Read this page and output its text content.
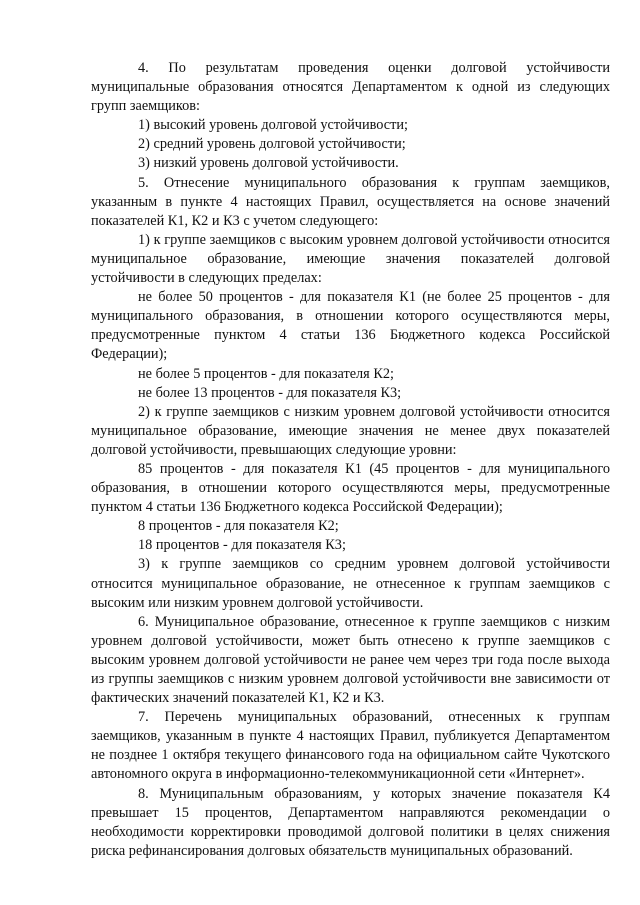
4. По результатам проведения оценки долговой устойчивости муниципальные образования относятся Департаментом к одной из следующих групп заемщиков:

1) высокий уровень долговой устойчивости;

2) средний уровень долговой устойчивости;

3) низкий уровень долговой устойчивости.

5. Отнесение муниципального образования к группам заемщиков, указанным в пункте 4 настоящих Правил, осуществляется на основе значений показателей К1, К2 и К3 с учетом следующего:

1) к группе заемщиков с высоким уровнем долговой устойчивости относится муниципальное образование, имеющие значения показателей долговой устойчивости в следующих пределах:

не более 50 процентов - для показателя К1 (не более 25 процентов - для муниципального образования, в отношении которого осуществляются меры, предусмотренные пунктом 4 статьи 136 Бюджетного кодекса Российской Федерации);

не более 5 процентов - для показателя К2;

не более 13 процентов - для показателя К3;

2) к группе заемщиков с низким уровнем долговой устойчивости относится муниципальное образование, имеющие значения не менее двух показателей долговой устойчивости, превышающих следующие уровни:

85 процентов - для показателя К1 (45 процентов - для муниципального образования, в отношении которого осуществляются меры, предусмотренные пунктом 4 статьи 136 Бюджетного кодекса Российской Федерации);

8 процентов - для показателя К2;

18 процентов - для показателя К3;

3) к группе заемщиков со средним уровнем долговой устойчивости относится муниципальное образование, не отнесенное к группам заемщиков с высоким или низким уровнем долговой устойчивости.

6. Муниципальное образование, отнесенное к группе заемщиков с низким уровнем долговой устойчивости, может быть отнесено к группе заемщиков с высоким уровнем долговой устойчивости не ранее чем через три года после выхода из группы заемщиков с низким уровнем долговой устойчивости вне зависимости от фактических значений показателей К1, К2 и К3.

7. Перечень муниципальных образований, отнесенных к группам заемщиков, указанным в пункте 4 настоящих Правил, публикуется Департаментом не позднее 1 октября текущего финансового года на официальном сайте Чукотского автономного округа в информационно-телекоммуникационной сети «Интернет».

8. Муниципальным образованиям, у которых значение показателя К4 превышает 15 процентов, Департаментом направляются рекомендации о необходимости корректировки проводимой долговой политики в целях снижения риска рефинансирования долговых обязательств муниципальных образований.
